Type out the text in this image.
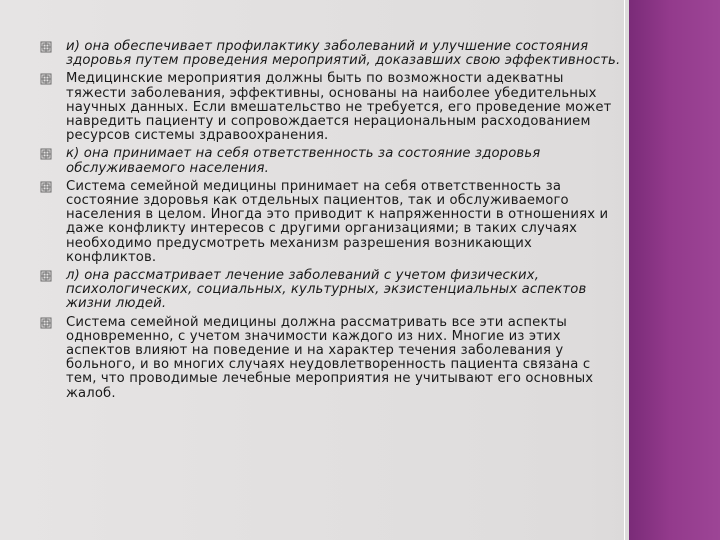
и) она обеспечивает профилактику заболеваний и улучшение состояния здоровья путем проведения мероприятий, доказавших свою эффективность.
Медицинские мероприятия должны быть по возможности адекватны тяжести заболевания, эффективны, основаны на наиболее убедительных научных данных. Если вмешательство не требуется, его проведение может навредить пациенту и сопровождается нерациональным расходованием ресурсов системы здравоохранения.
к) она принимает на себя ответственность за состояние здоровья обслуживаемого населения.
Система семейной медицины принимает на себя ответственность за состояние здоровья как отдельных пациентов, так и обслуживаемого населения в целом. Иногда это приводит к напряженности в отношениях и даже конфликту интересов с другими организациями; в таких случаях необходимо предусмотреть механизм разрешения возникающих конфликтов.
л) она рассматривает лечение заболеваний с учетом физических, психологических, социальных, культурных, экзистенциальных аспектов жизни людей.
Система семейной медицины должна рассматривать все эти аспекты одновременно, с учетом значимости каждого из них. Многие из этих аспектов влияют на поведение и на характер течения заболевания у больного, и во многих случаях неудовлетворенность пациента связана с тем, что проводимые лечебные мероприятия не учитывают его основных жалоб.
